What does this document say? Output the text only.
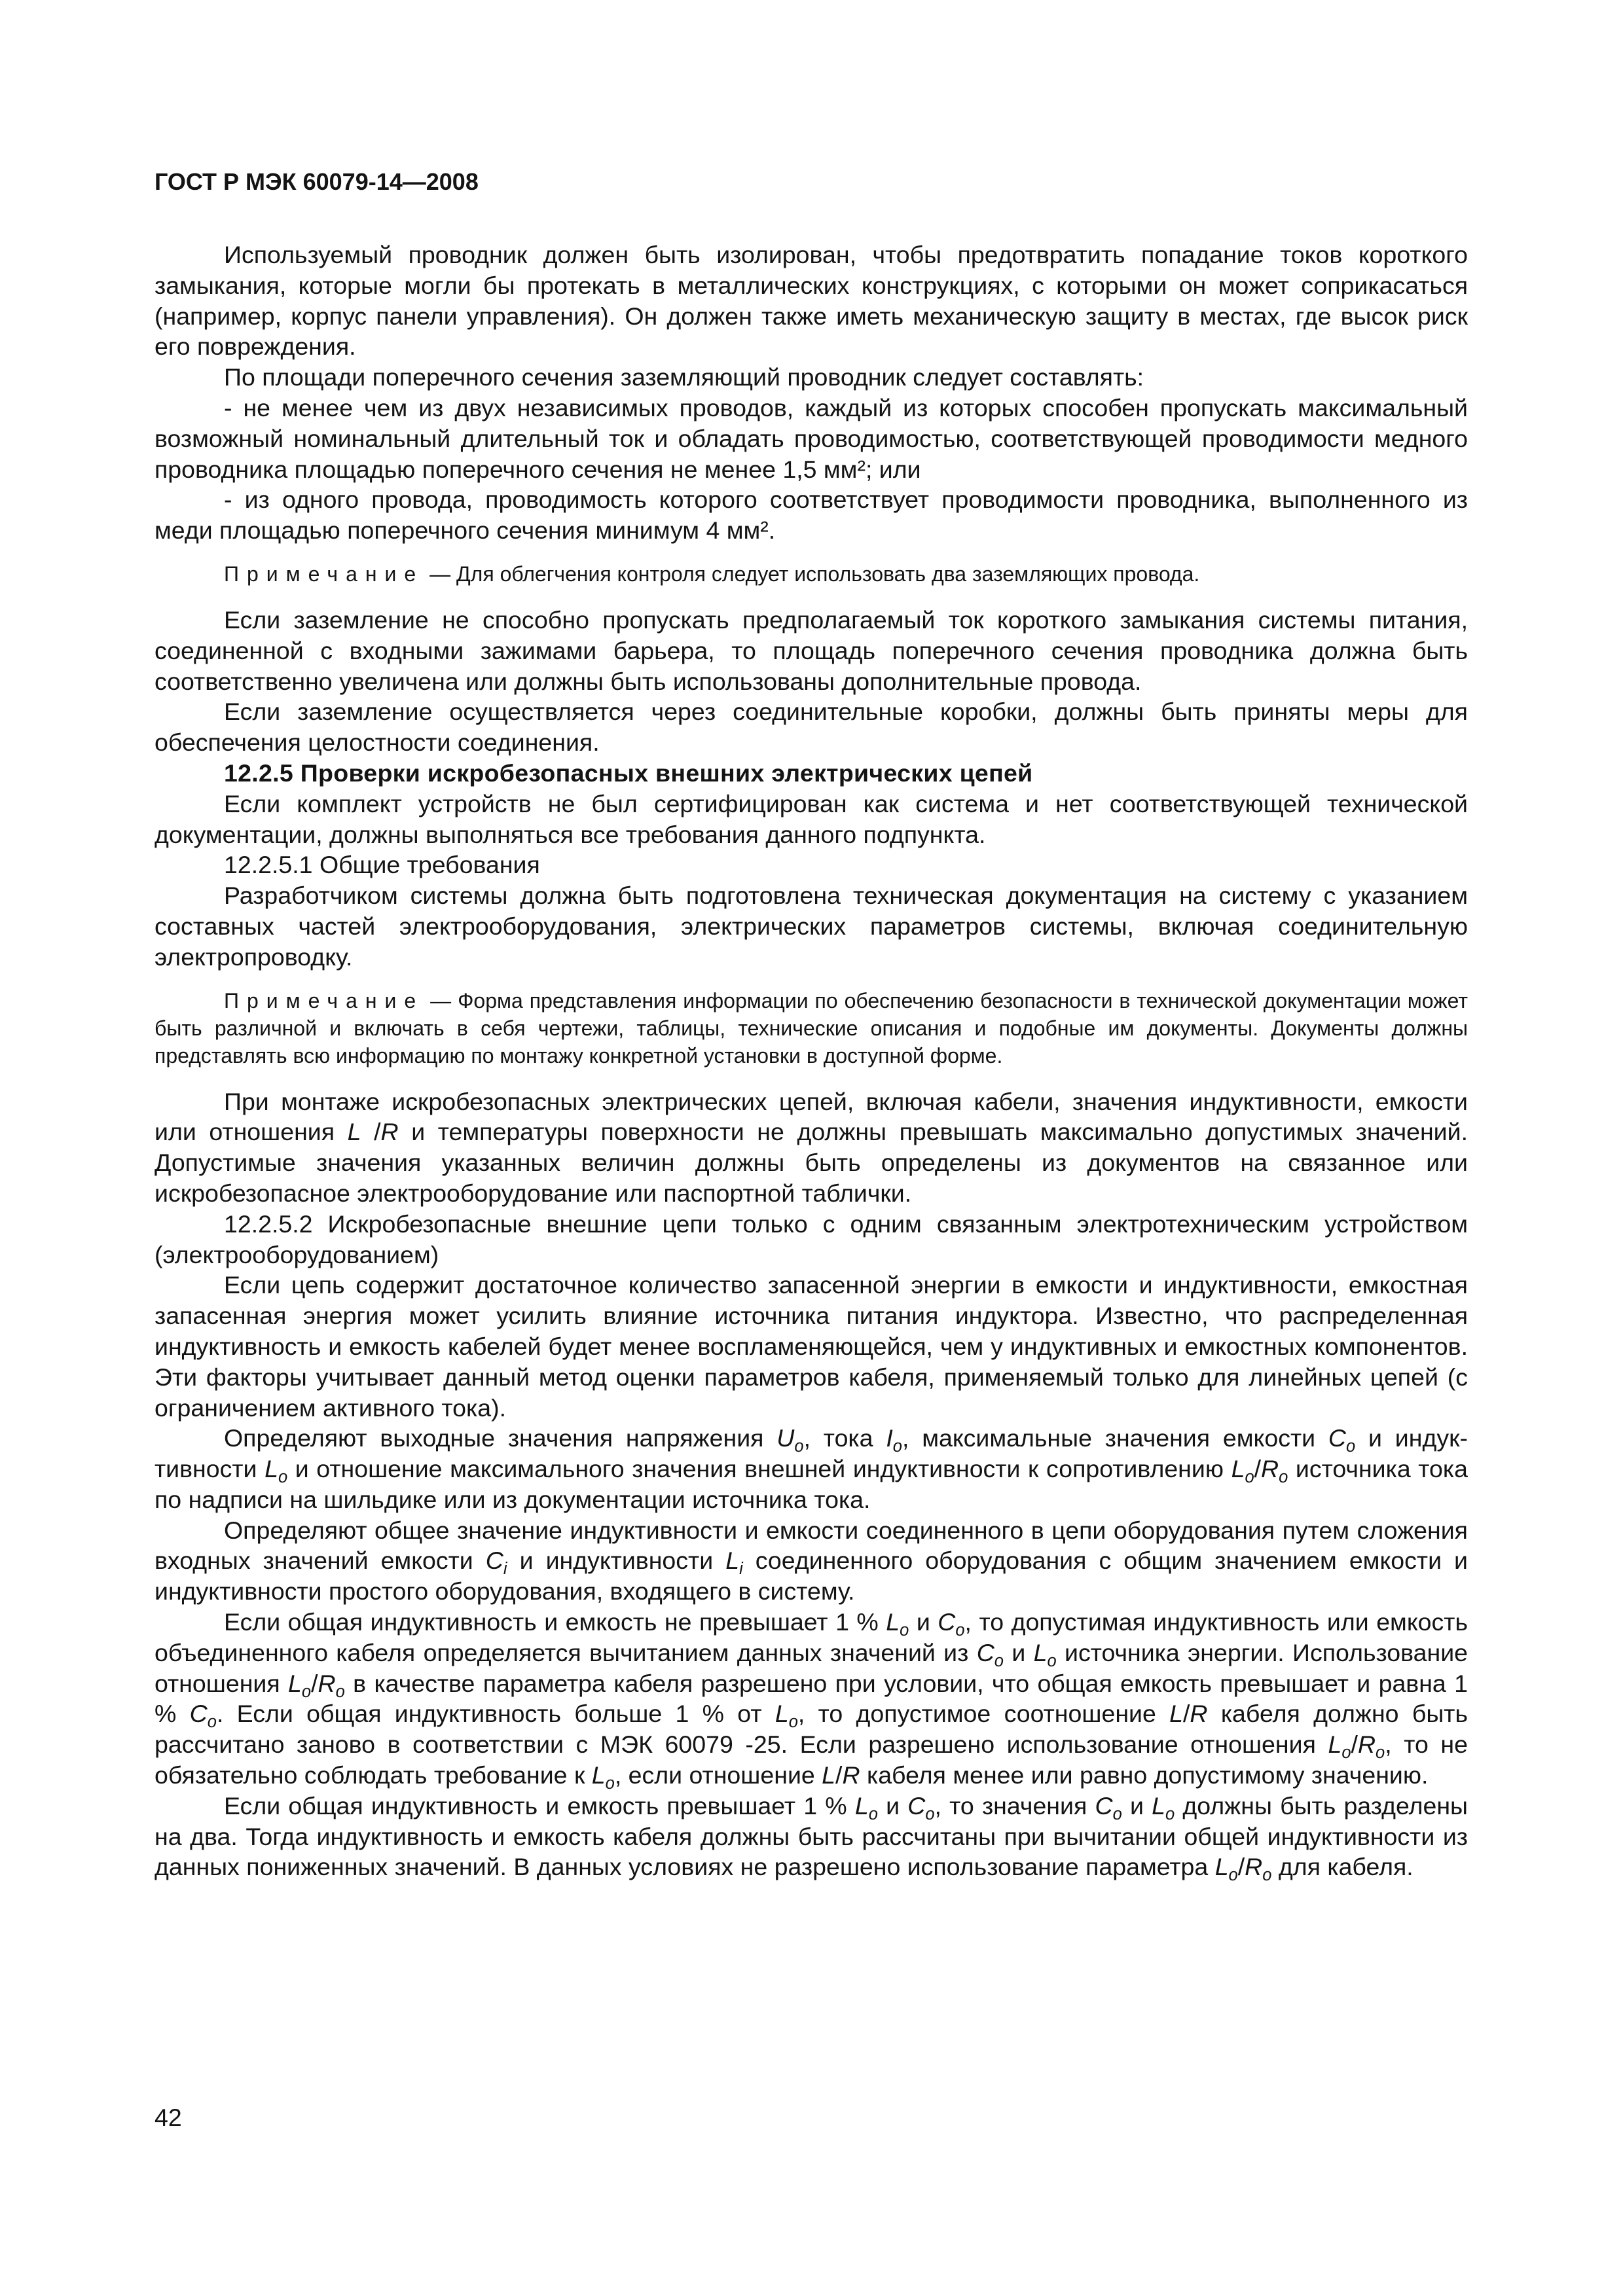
ГОСТ Р МЭК 60079-14—2008

Используемый проводник должен быть изолирован, чтобы предотвратить попадание токов короткого замыкания, которые могли бы протекать в металлических конструкциях, с которыми он может соприкасаться (например, корпус панели управления). Он должен также иметь механическую защиту в местах, где высок риск его повреждения.

По площади поперечного сечения заземляющий проводник следует составлять:

- не менее чем из двух независимых проводов, каждый из которых способен пропускать максимальный возможный номинальный длительный ток и обладать проводимостью, соответствующей проводимости медного проводника площадью поперечного сечения не менее 1,5 мм²; или

- из одного провода, проводимость которого соответствует проводимости проводника, выполненного из меди площадью поперечного сечения минимум 4 мм².

Примечание — Для облегчения контроля следует использовать два заземляющих провода.

Если заземление не способно пропускать предполагаемый ток короткого замыкания системы питания, соединенной с входными зажимами барьера, то площадь поперечного сечения проводника должна быть соответственно увеличена или должны быть использованы дополнительные провода.

Если заземление осуществляется через соединительные коробки, должны быть приняты меры для обеспечения целостности соединения.

12.2.5 Проверки искробезопасных внешних электрических цепей

Если комплект устройств не был сертифицирован как система и нет соответствующей технической документации, должны выполняться все требования данного подпункта.

12.2.5.1 Общие требования

Разработчиком системы должна быть подготовлена техническая документация на систему с указанием составных частей электрооборудования, электрических параметров системы, включая соединительную электропроводку.

Примечание — Форма представления информации по обеспечению безопасности в технической документации может быть различной и включать в себя чертежи, таблицы, технические описания и подобные им документы. Документы должны представлять всю информацию по монтажу конкретной установки в доступной форме.

При монтаже искробезопасных электрических цепей, включая кабели, значения индуктивности, емкости или отношения L /R и температуры поверхности не должны превышать максимально допустимых значений. Допустимые значения указанных величин должны быть определены из документов на связанное или искробезопасное электрооборудование или паспортной таблички.

12.2.5.2 Искробезопасные внешние цепи только с одним связанным электротехническим устройством (электрооборудованием)

Если цепь содержит достаточное количество запасенной энергии в емкости и индуктивности, емкостная запасенная энергия может усилить влияние источника питания индуктора. Известно, что распределенная индуктивность и емкость кабелей будет менее воспламеняющейся, чем у индуктивных и емкостных компонентов. Эти факторы учитывает данный метод оценки параметров кабеля, применяемый только для линейных цепей (с ограничением активного тока).

Определяют выходные значения напряжения $U_o$, тока $I_o$, максимальные значения емкости $C_o$ и индуктивности $L_o$ и отношение максимального значения внешней индуктивности к сопротивлению $L_o/R_o$ источника тока по надписи на шильдике или из документации источника тока.

Определяют общее значение индуктивности и емкости соединенного в цепи оборудования путем сложения входных значений емкости $C_i$ и индуктивности $L_i$ соединенного оборудования с общим значением емкости и индуктивности простого оборудования, входящего в систему.

Если общая индуктивность и емкость не превышает 1 % $L_o$ и $C_o$, то допустимая индуктивность или емкость объединенного кабеля определяется вычитанием данных значений из $C_o$ и $L_o$ источника энергии. Использование отношения $L_o/R_o$ в качестве параметра кабеля разрешено при условии, что общая емкость превышает и равна 1 % $C_o$. Если общая индуктивность больше 1 % от $L_o$, то допустимое соотношение L/R кабеля должно быть рассчитано заново в соответствии с МЭК 60079 -25. Если разрешено использование отношения $L_o/R_o$, то не обязательно соблюдать требование к $L_o$, если отношение L/R кабеля менее или равно допустимому значению.

Если общая индуктивность и емкость превышает 1 % $L_o$ и $C_o$, то значения $C_o$ и $L_o$ должны быть разделены на два. Тогда индуктивность и емкость кабеля должны быть рассчитаны при вычитании общей индуктивности из данных пониженных значений. В данных условиях не разрешено использование параметра $L_o/R_o$ для кабеля.

42
